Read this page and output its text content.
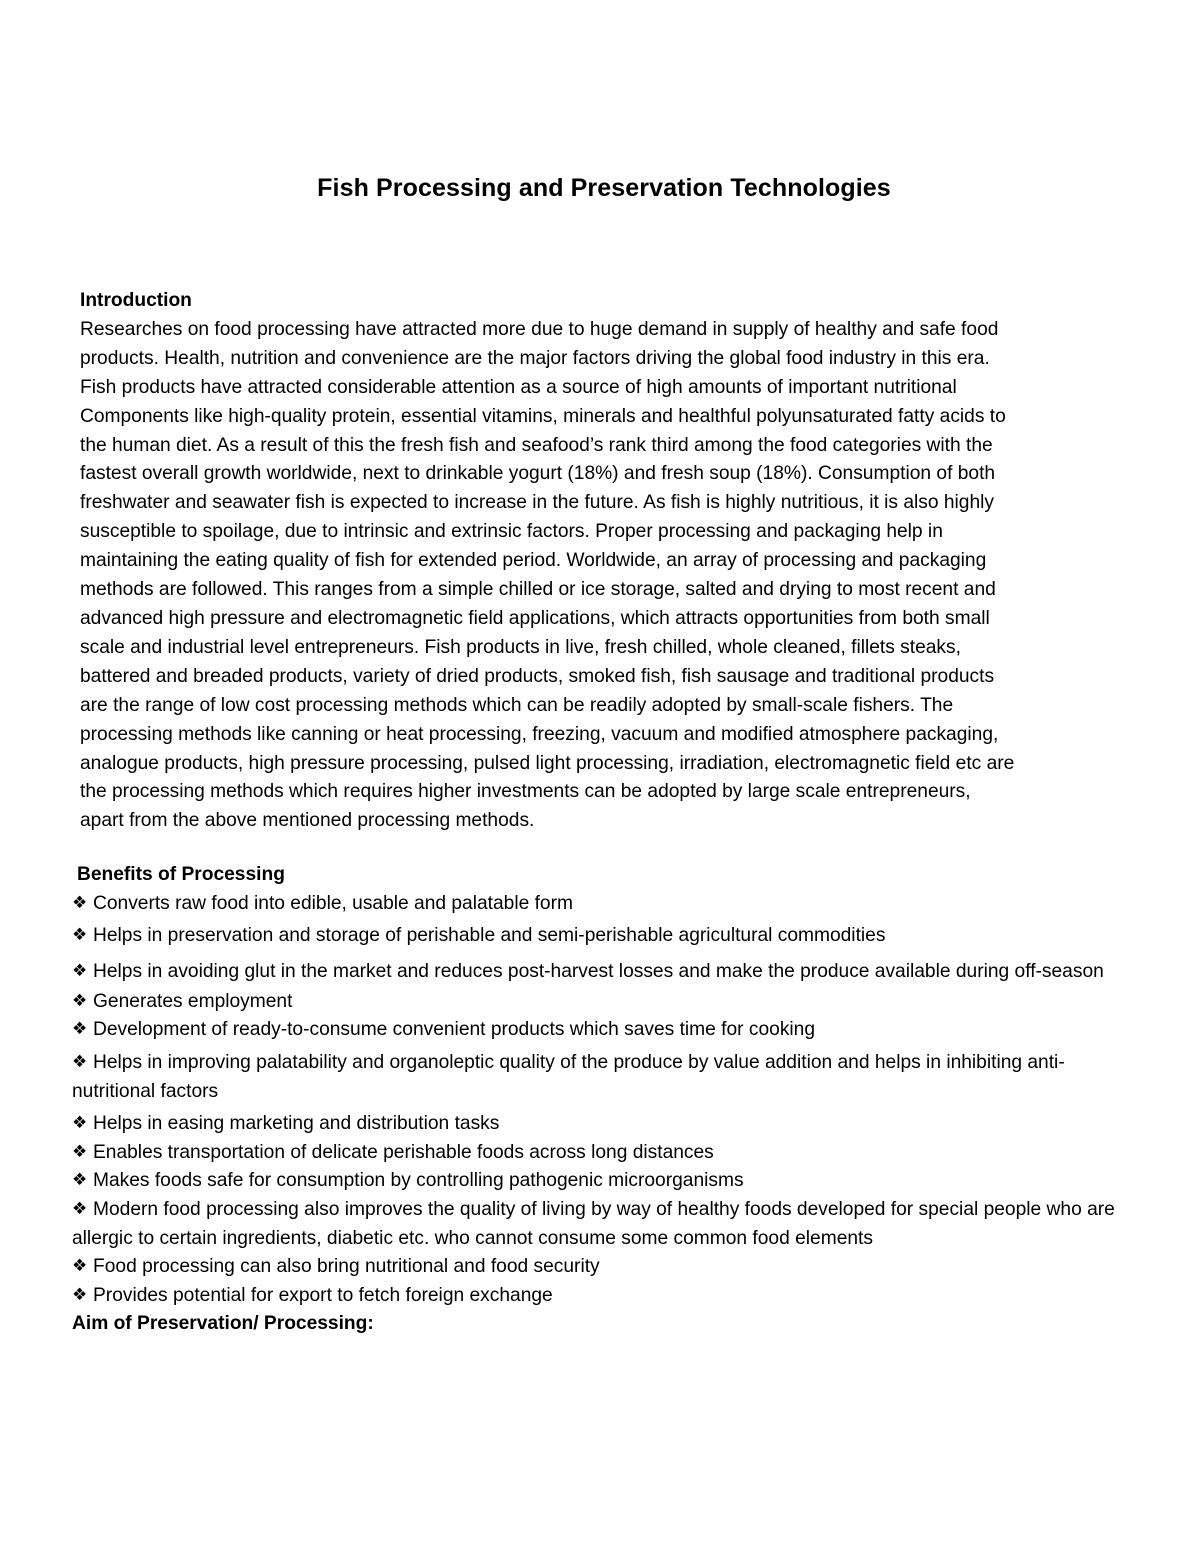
Fish Processing and Preservation Technologies
Introduction
Researches on food processing have attracted more due to huge demand in supply of healthy and safe food
products. Health, nutrition and convenience are the major factors driving the global food industry in this era.
Fish products have attracted considerable attention as a source of high amounts of important nutritional
Components like high-quality protein, essential vitamins, minerals and healthful polyunsaturated fatty acids to
the human diet. As a result of this the fresh fish and seafood’s rank third among the food categories with the
fastest overall growth worldwide, next to drinkable yogurt (18%) and fresh soup (18%). Consumption of both
freshwater and seawater fish is expected to increase in the future. As fish is highly nutritious, it is also highly
susceptible to spoilage, due to intrinsic and extrinsic factors. Proper processing and packaging help in
maintaining the eating quality of fish for extended period. Worldwide, an array of processing and packaging
methods are followed. This ranges from a simple chilled or ice storage, salted and drying to most recent and
advanced high pressure and electromagnetic field applications, which attracts opportunities from both small
scale and industrial level entrepreneurs. Fish products in live, fresh chilled, whole cleaned, fillets steaks,
battered and breaded products, variety of dried products, smoked fish, fish sausage and traditional products
are the range of low cost processing methods which can be readily adopted by small-scale fishers. The
processing methods like canning or heat processing, freezing, vacuum and modified atmosphere packaging,
analogue products, high pressure processing, pulsed light processing, irradiation, electromagnetic field etc are
the processing methods which requires higher investments can be adopted by large scale entrepreneurs,
apart from the above mentioned processing methods.
Benefits of Processing
❖ Converts raw food into edible, usable and palatable form
❖ Helps in preservation and storage of perishable and semi-perishable agricultural commodities
❖ Helps in avoiding glut in the market and reduces post-harvest losses and make the produce available during off-season
❖ Generates employment
❖ Development of ready-to-consume convenient products which saves time for cooking
❖ Helps in improving palatability and organoleptic quality of the produce by value addition and helps in inhibiting anti-nutritional factors
❖ Helps in easing marketing and distribution tasks
❖ Enables transportation of delicate perishable foods across long distances
❖ Makes foods safe for consumption by controlling pathogenic microorganisms
❖ Modern food processing also improves the quality of living by way of healthy foods developed for special people who are allergic to certain ingredients, diabetic etc. who cannot consume some common food elements
❖ Food processing can also bring nutritional and food security
❖ Provides potential for export to fetch foreign exchange
Aim of Preservation/ Processing:
